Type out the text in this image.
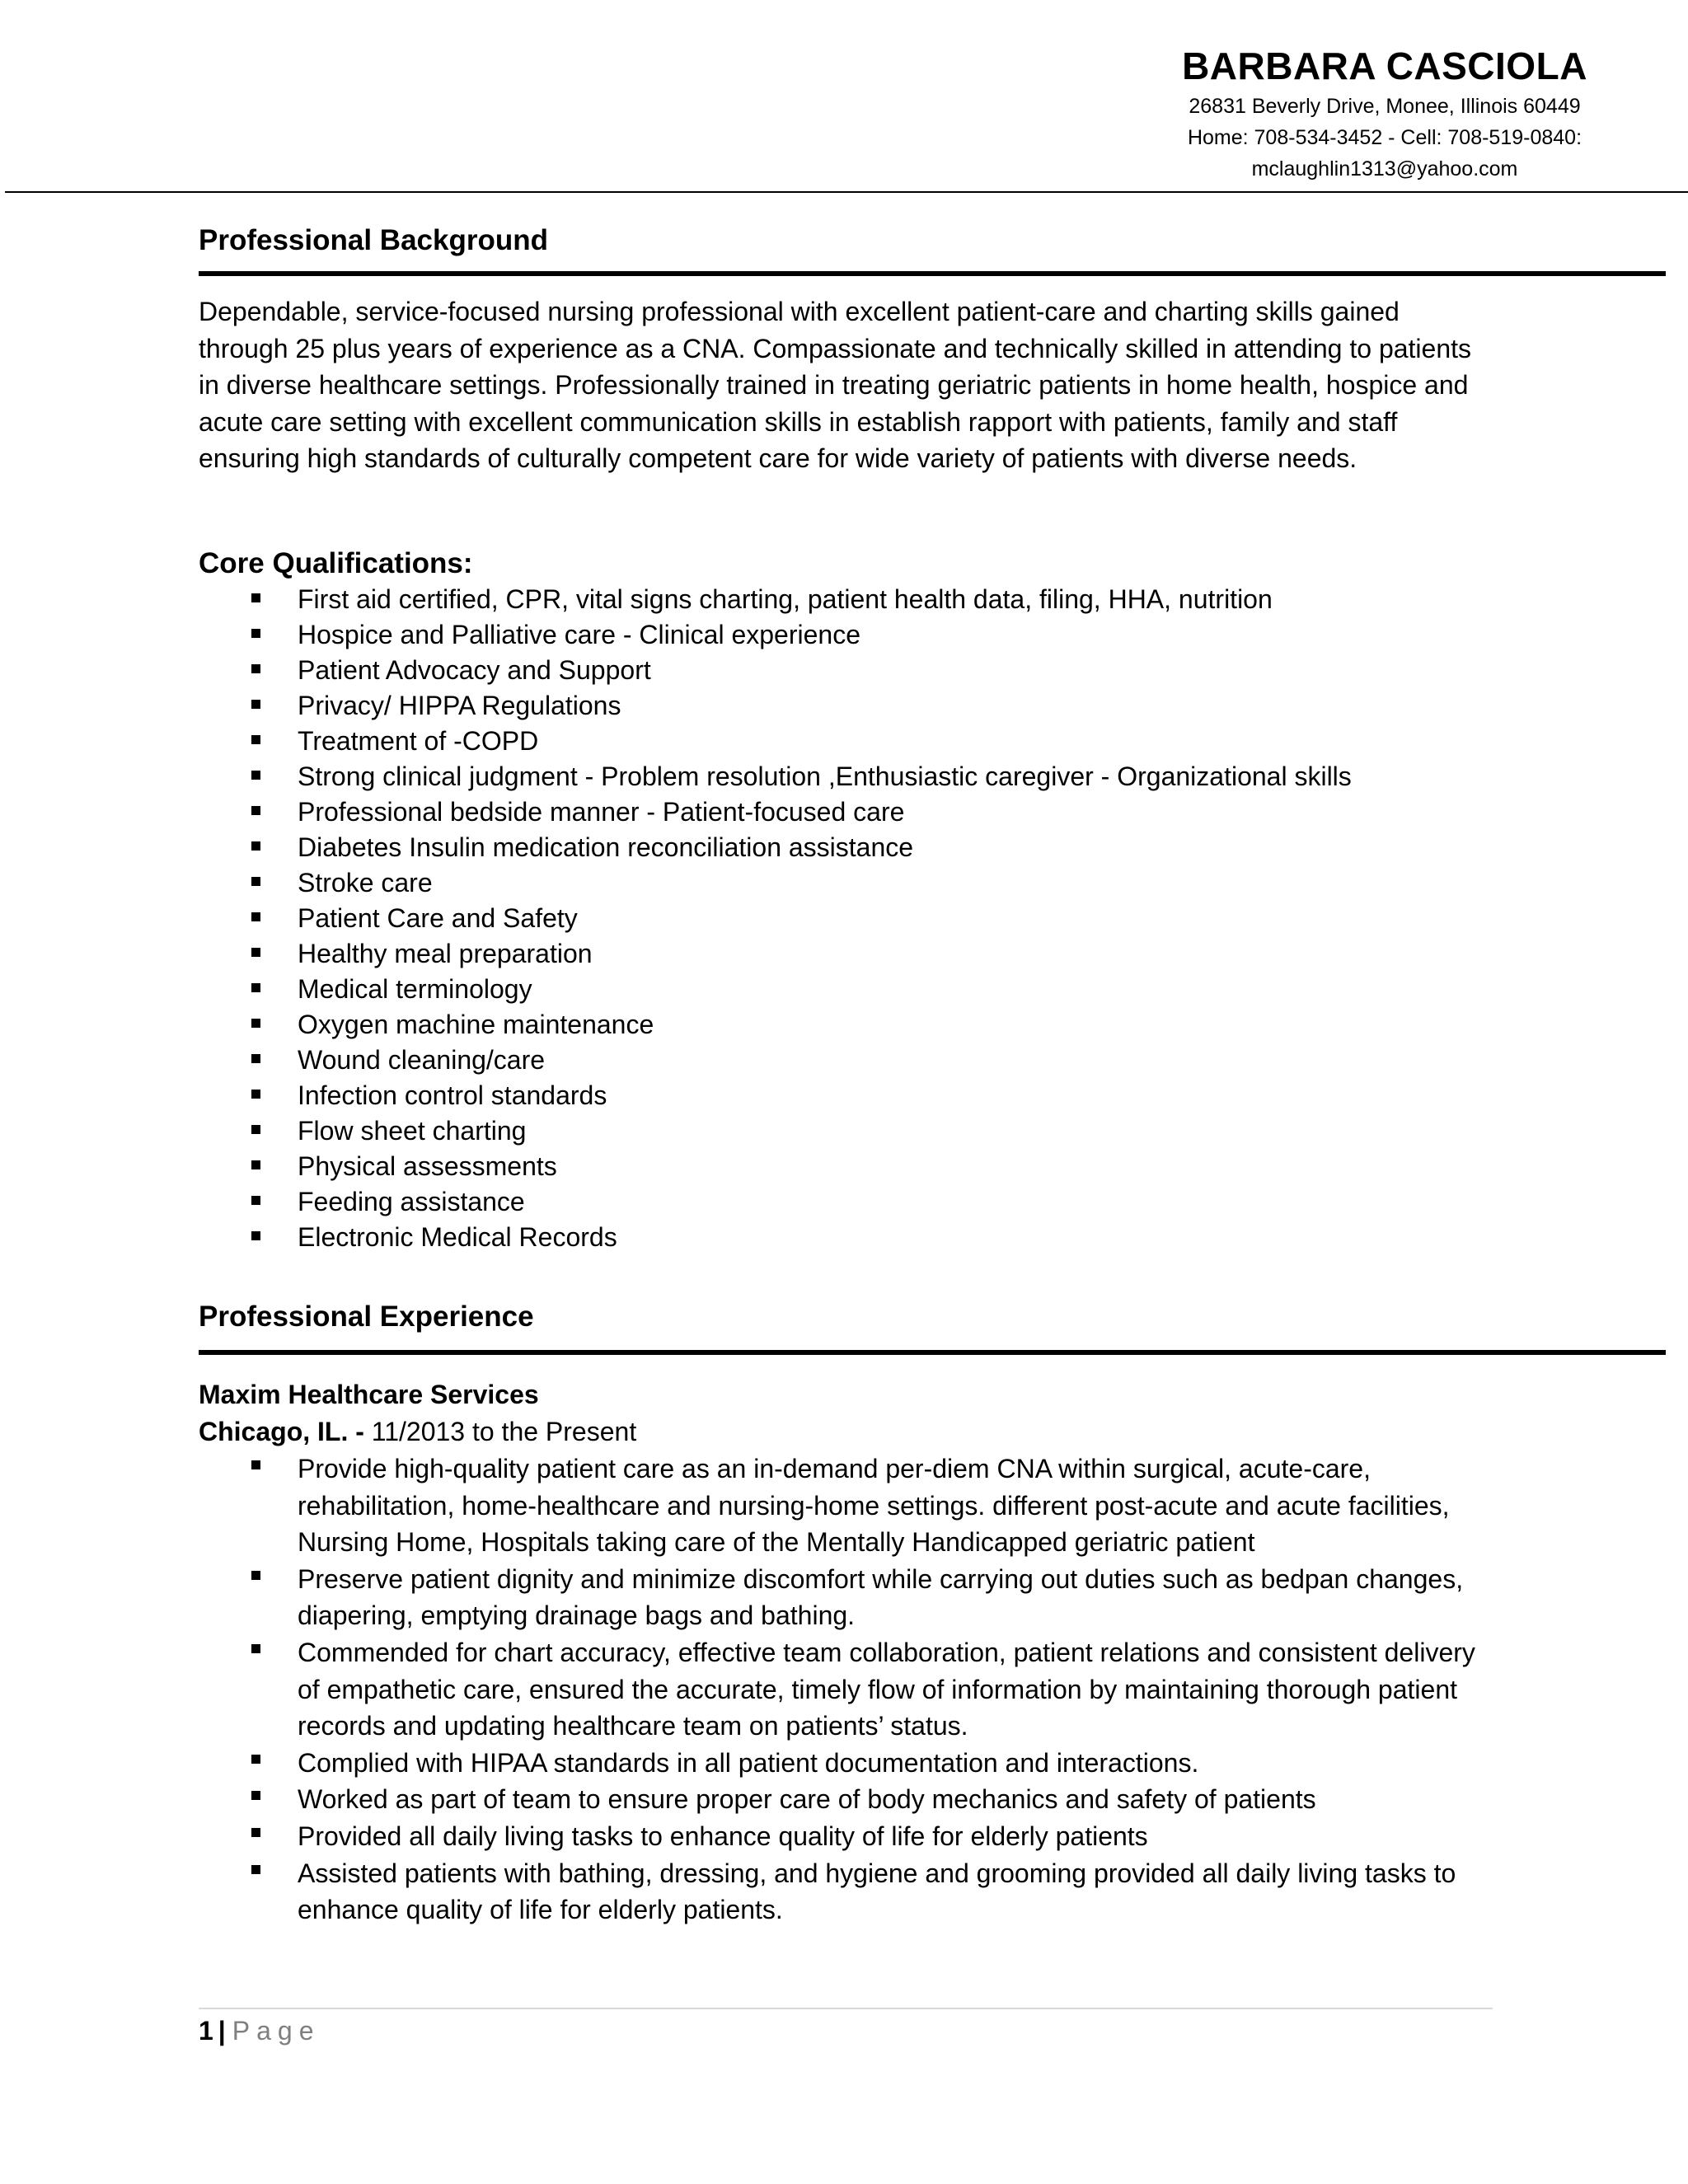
BARBARA CASCIOLA
26831 Beverly Drive, Monee, Illinois 60449
Home: 708-534-3452 - Cell: 708-519-0840:
mclaughlin1313@yahoo.com
Professional Background

Dependable, service-focused nursing professional with excellent patient-care and charting skills gained through 25 plus years of experience as a CNA. Compassionate and technically skilled in attending to patients in diverse healthcare settings. Professionally trained in treating geriatric patients in home health, hospice and acute care setting with excellent communication skills in establish rapport with patients, family and staff ensuring high standards of culturally competent care for wide variety of patients with diverse needs.

Core Qualifications:
First aid certified, CPR, vital signs charting, patient health data, filing, HHA, nutrition
Hospice and Palliative care - Clinical experience
Patient Advocacy and Support
Privacy/ HIPPA Regulations
Treatment of -COPD
Strong clinical judgment - Problem resolution ,Enthusiastic caregiver - Organizational skills
Professional bedside manner - Patient-focused care
Diabetes Insulin medication reconciliation assistance
Stroke care
Patient Care and Safety
Healthy meal preparation
Medical terminology
Oxygen machine maintenance
Wound cleaning/care
Infection control standards
Flow sheet charting
Physical assessments
Feeding assistance
Electronic Medical Records
Professional Experience
Maxim Healthcare Services
Chicago, IL. - 11/2013 to the Present
Provide high-quality patient care as an in-demand per-diem CNA within surgical, acute-care, rehabilitation, home-healthcare and nursing-home settings. different post-acute and acute facilities, Nursing Home, Hospitals taking care of the Mentally Handicapped geriatric patient
Preserve patient dignity and minimize discomfort while carrying out duties such as bedpan changes, diapering, emptying drainage bags and bathing.
Commended for chart accuracy, effective team collaboration, patient relations and consistent delivery of empathetic care, ensured the accurate, timely flow of information by maintaining thorough patient records and updating healthcare team on patients’ status.
Complied with HIPAA standards in all patient documentation and interactions.
Worked as part of team to ensure proper care of body mechanics and safety of patients
Provided all daily living tasks to enhance quality of life for elderly patients
Assisted patients with bathing, dressing, and hygiene and grooming provided all daily living tasks to enhance quality of life for elderly patients.
1 | Page
